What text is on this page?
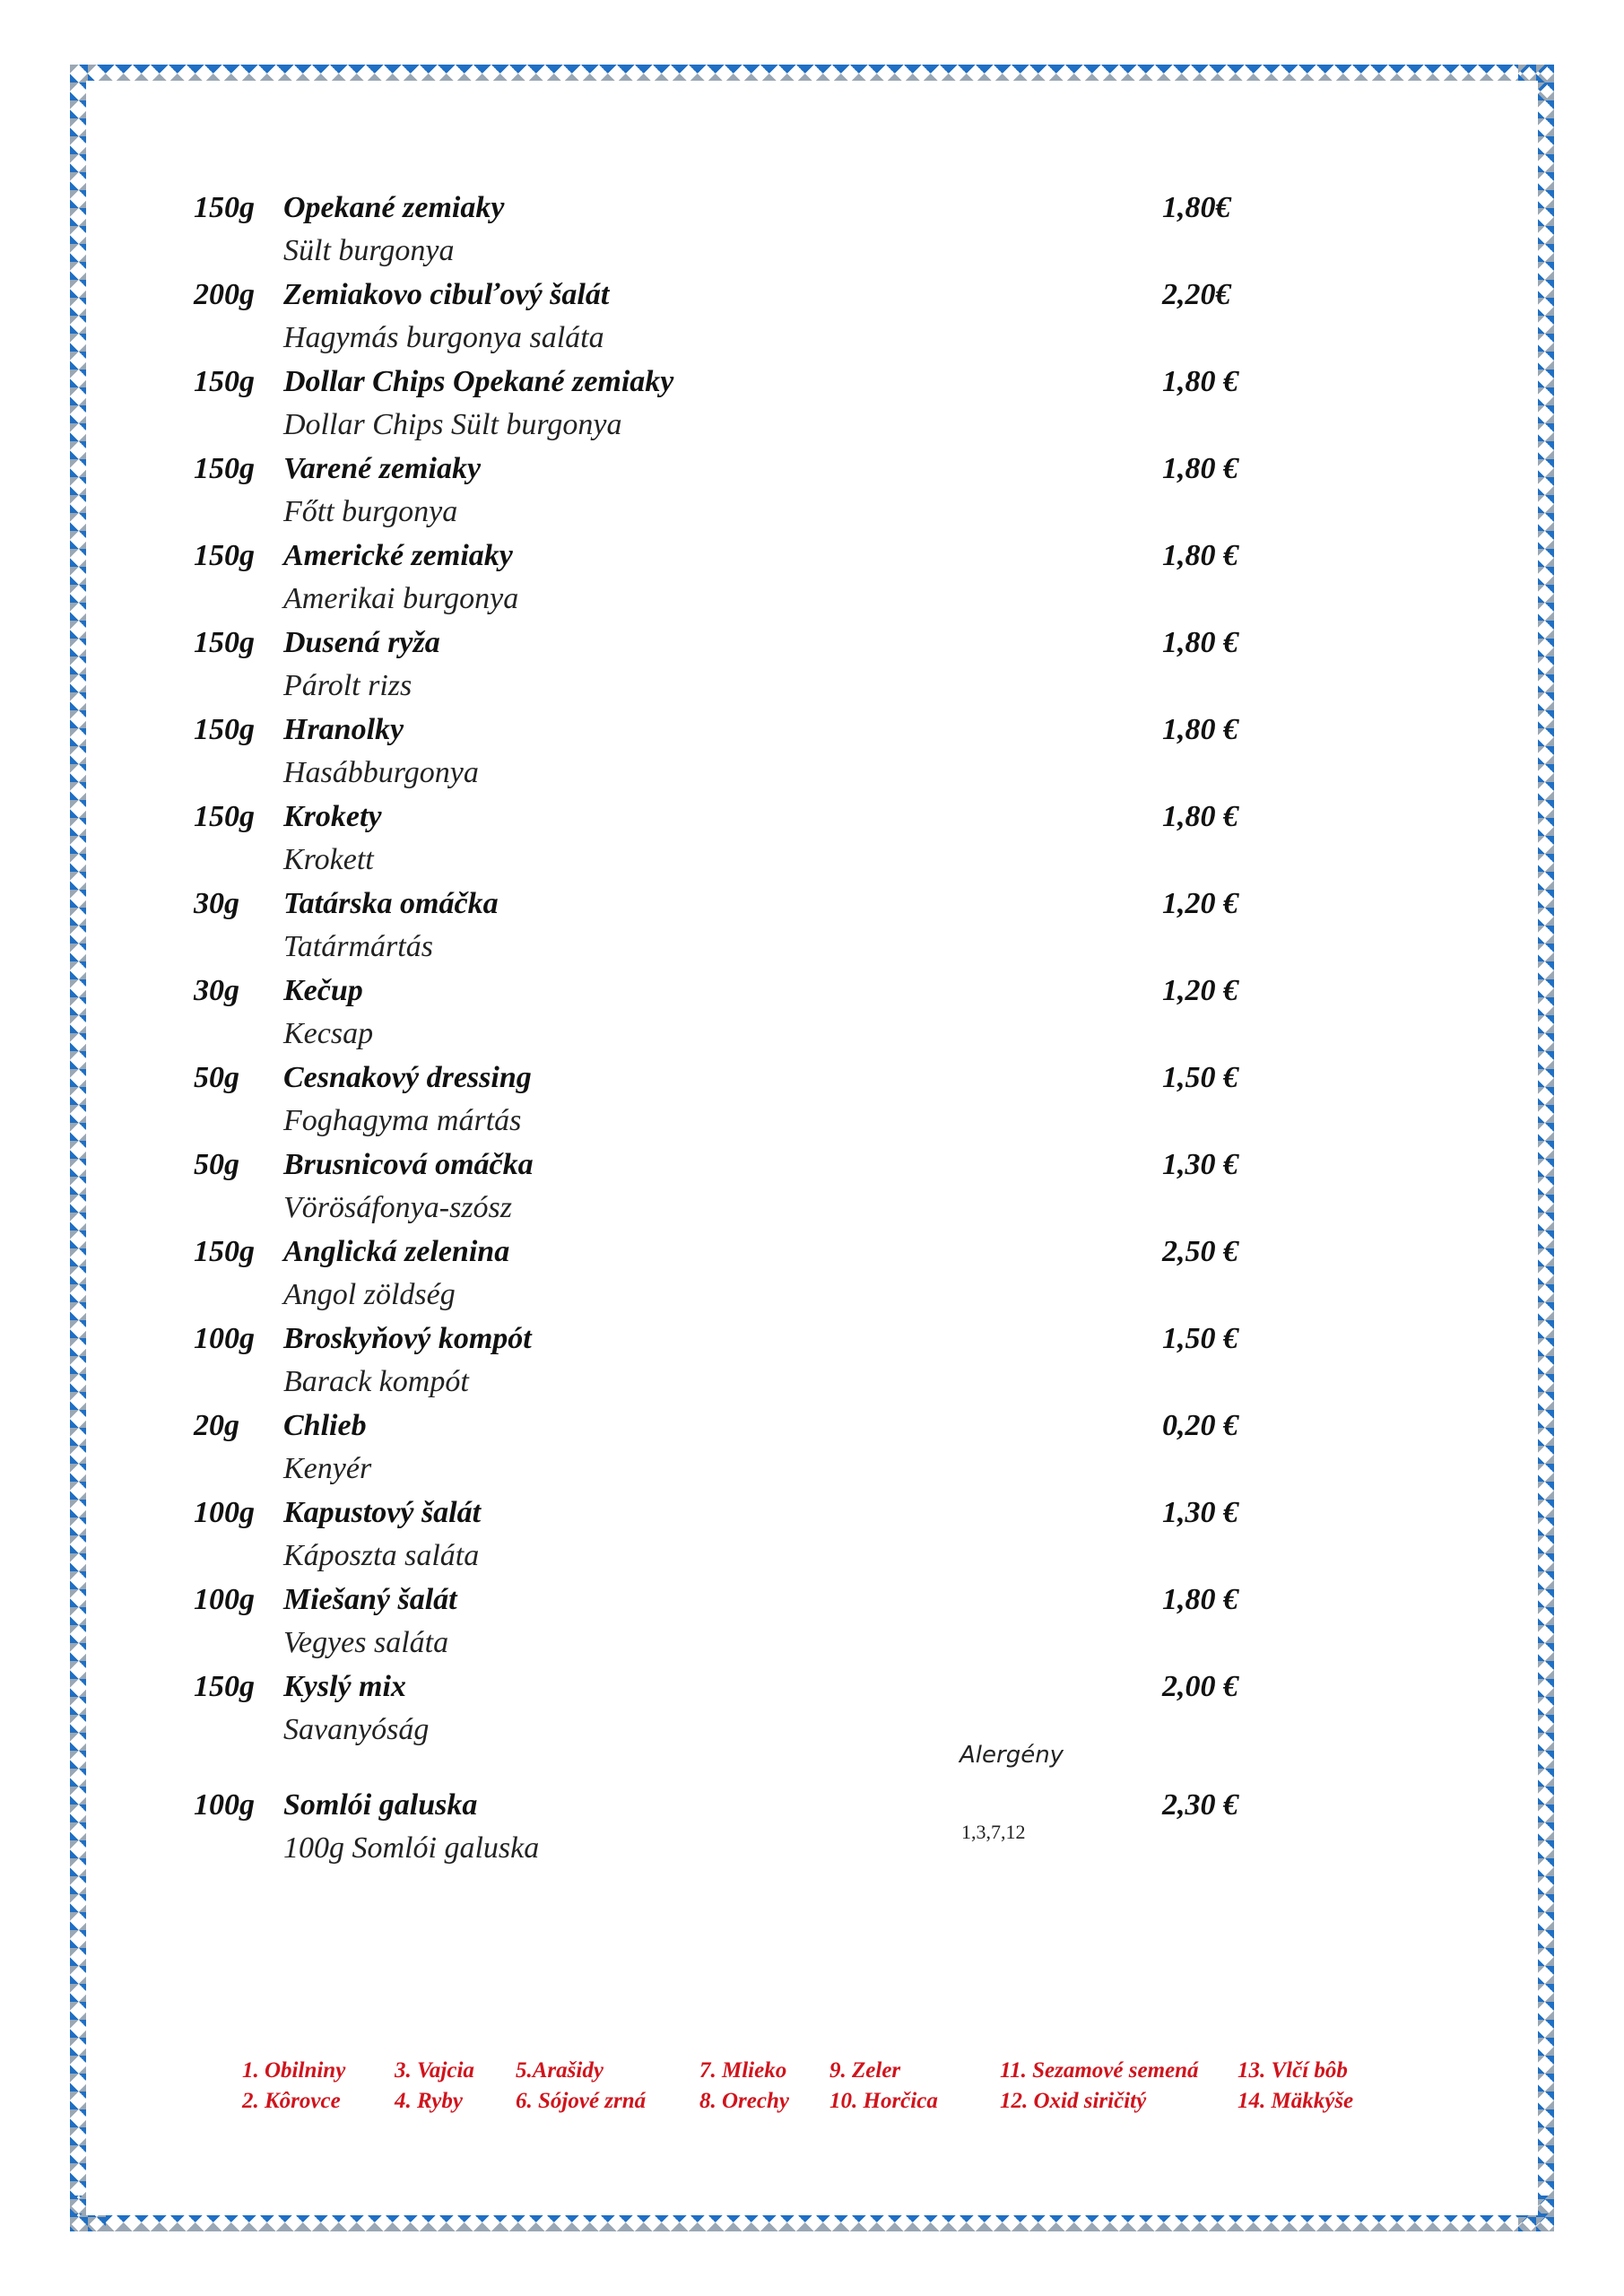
150g Opekané zemiaky	1,80€
Sült burgonya
200g Zemiakovo cibuľový šalát	2,20€
Hagymás burgonya saláta
150g Dollar Chips Opekané zemiaky	1,80 €
Dollar Chips Sült burgonya
150g Varené zemiaky	1,80 €
Főtt burgonya
150g Americké zemiaky	1,80 €
Amerikai burgonya
150g Dusená ryža	1,80 €
Párolt rizs
150g Hranolky	1,80 €
Hasábburgonya
150g Krokety	1,80 €
Krokett
30g Tatárska omáčka	1,20 €
Tatármártás
30g Kečup	1,20 €
Kecsap
50g Cesnakový dressing	1,50 €
Foghagyma mártás
50g Brusnicová omáčka	1,30 €
Vörösáfonya-szósz
150g Anglická zelenina	2,50 €
Angol zöldség
100g Broskyňový kompót	1,50 €
Barack kompót
20g Chlieb	0,20 €
Kenyér
100g Kapustový šalát	1,30 €
Káposzta saláta
100g Miešaný šalát	1,80 €
Vegyes saláta
150g Kyslý mix	2,00 €
Savanyóság
100g Somlói galuska	2,30 €
100g Somlói galuska
Alergény
1,3,7,12
1. Obilniny
2. Kôrovce
3. Vajcia
4. Ryby
5.Arašidy
6. Sójové zrná
7. Mlieko
8. Orechy
9. Zeler
10. Horčica
11. Sezamové semená
12. Oxid siričitý
13. Vlčí bôb
14. Mäkkýše
